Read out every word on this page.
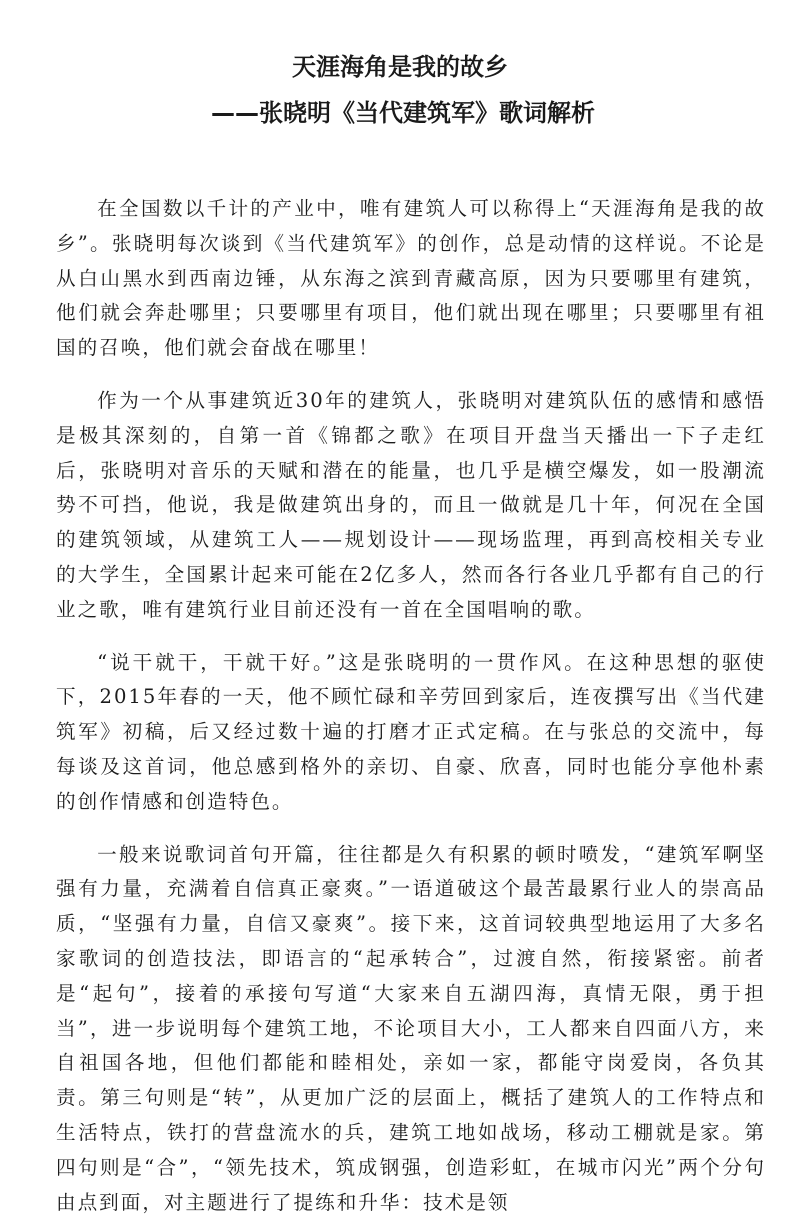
天涯海角是我的故乡
——张晓明《当代建筑军》歌词解析

在全国数以千计的产业中，唯有建筑人可以称得上“天涯海角是我的故乡”。张晓明每次谈到《当代建筑军》的创作，总是动情的这样说。不论是从白山黑水到西南边锤，从东海之滨到青藏高原，因为只要哪里有建筑，他们就会奔赴哪里；只要哪里有项目，他们就出现在哪里；只要哪里有祖国的召唤，他们就会奋战在哪里！

作为一个从事建筑近30年的建筑人，张晓明对建筑队伍的感情和感悟是极其深刻的，自第一首《锦都之歌》在项目开盘当天播出一下子走红后，张晓明对音乐的天赋和潜在的能量，也几乎是横空爆发，如一股潮流势不可挡，他说，我是做建筑出身的，而且一做就是几十年，何况在全国的建筑领域，从建筑工人——规划设计——现场监理，再到高校相关专业的大学生，全国累计起来可能在2亿多人，然而各行各业几乎都有自己的行业之歌，唯有建筑行业目前还没有一首在全国唱响的歌。

“说干就干，干就干好。”这是张晓明的一贯作风。在这种思想的驱使下，2015年春的一天，他不顾忙碌和辛劳回到家后，连夜撰写出《当代建筑军》初稿，后又经过数十遍的打磨才正式定稿。在与张总的交流中，每每谈及这首词，他总感到格外的亲切、自豪、欣喜，同时也能分享他朴素的创作情感和创造特色。

一般来说歌词首句开篇，往往都是久有积累的顿时喷发，“建筑军啊坚强有力量，充满着自信真正豪爽。”一语道破这个最苦最累行业人的崇高品质，“坚强有力量，自信又豪爽”。接下来，这首词较典型地运用了大多名家歌词的创造技法，即语言的“起承转合”，过渡自然，衔接紧密。前者是“起句”，接着的承接句写道“大家来自五湖四海，真情无限，勇于担当”，进一步说明每个建筑工地，不论项目大小，工人都来自四面八方，来自祖国各地，但他们都能和睦相处，亲如一家，都能守岗爱岗，各负其责。第三句则是“转”，从更加广泛的层面上，概括了建筑人的工作特点和生活特点，铁打的营盘流水的兵，建筑工地如战场，移动工棚就是家。第四句则是“合”，“领先技术，筑成钢强，创造彩虹，在城市闪光”两个分句由点到面，对主题进行了提练和升华：技术是领
